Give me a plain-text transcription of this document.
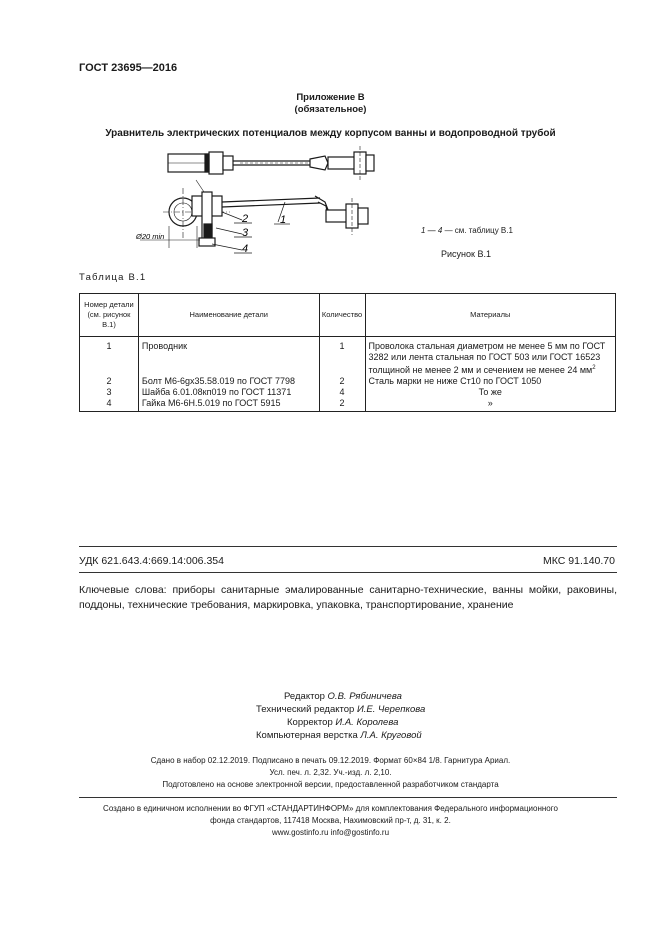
ГОСТ 23695—2016
Приложение В
(обязательное)
Уравнитель электрических потенциалов между корпусом ванны и водопроводной трубой
2
3
4
1
Ø20 min
1 — 4 — см. таблицу В.1
Рисунок В.1
Таблица В.1
Номер детали (см. рисунок В.1)	Наименование детали	Количество	Материалы
1	Проводник	1	Проволока стальная диаметром не менее 5 мм по ГОСТ 3282 или лента стальная по ГОСТ 503 или ГОСТ 16523 толщиной не менее 2 мм и сечением не менее 24 $мм^2$
2	Болт М6-6gx35.58.019 по ГОСТ 7798	2	Сталь марки не ниже Ст10 по ГОСТ 1050
3	Шайба 6.01.08кп019 по ГОСТ 11371	4	То же
4	Гайка М6-6Н.5.019 по ГОСТ 5915	2	»
УДК 621.643.4:669.14:006.354	МКС 91.140.70
Ключевые слова: приборы санитарные эмалированные санитарно-технические, ванны мойки, раковины, поддоны, технические требования, маркировка, упаковка, транспортирование, хранение
Редактор О.В. Рябиничева
Технический редактор И.Е. Черепкова
Корректор И.А. Королева
Компьютерная верстка Л.А. Круговой
Сдано в набор 02.12.2019. Подписано в печать 09.12.2019. Формат 60×84 1/8. Гарнитура Ариал.
Усл. печ. л. 2,32. Уч.-изд. л. 2,10.
Подготовлено на основе электронной версии, предоставленной разработчиком стандарта
Создано в единичном исполнении во ФГУП «СТАНДАРТИНФОРМ» для комплектования Федерального информационного
фонда стандартов, 117418 Москва, Нахимовский пр-т, д. 31, к. 2.
www.gostinfo.ru info@gostinfo.ru
